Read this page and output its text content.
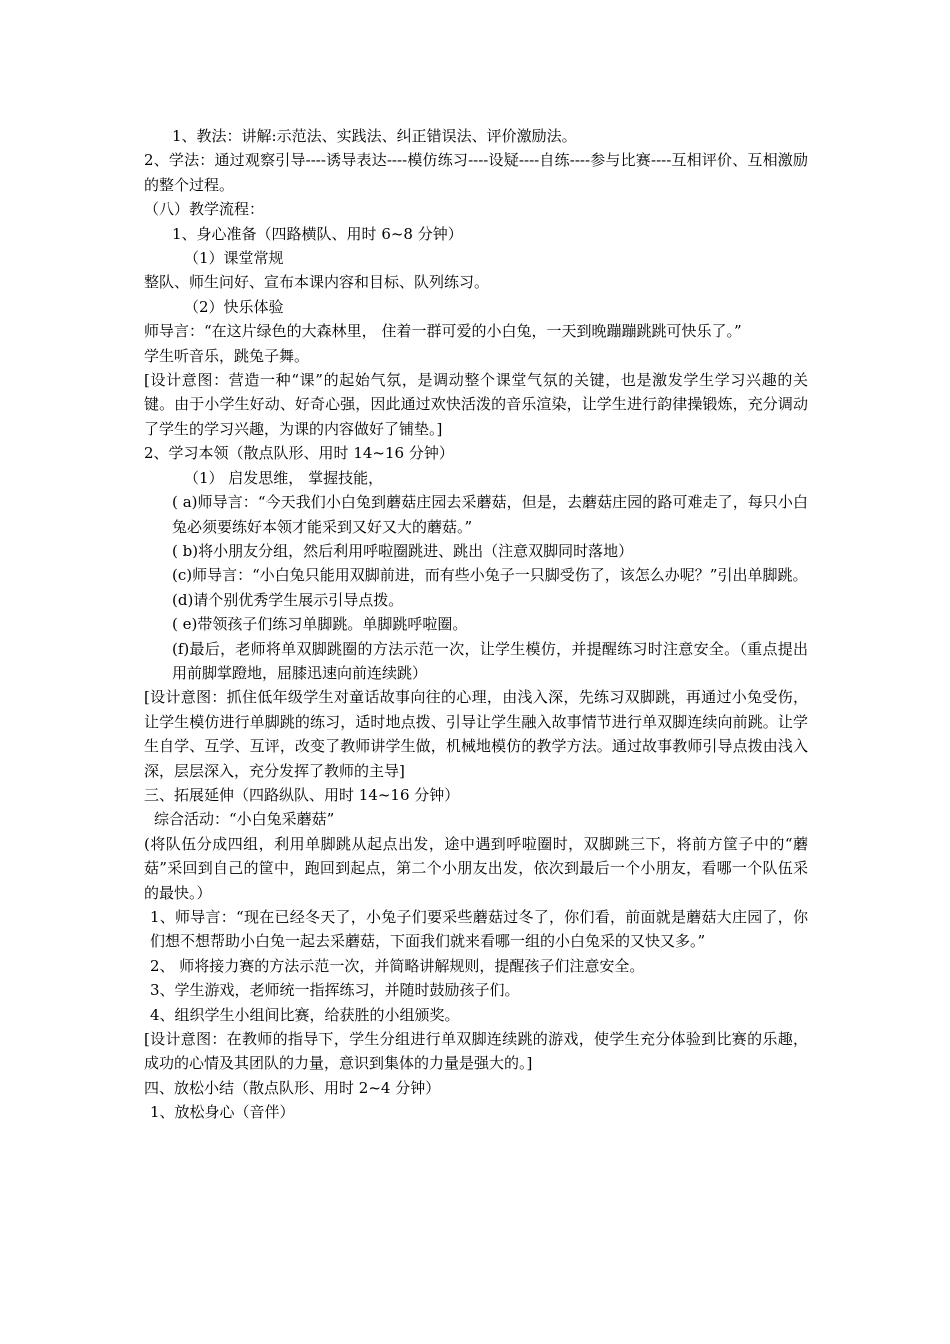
1、教法：讲解:示范法、实践法、纠正错误法、评价激励法。

2、学法：通过观察引导----诱导表达----模仿练习----设疑----自练----参与比赛----互相评价、互相激励的整个过程。

（八）教学流程：

1、身心准备（四路横队、用时 6~8 分钟）

（1）课堂常规

整队、师生问好、宣布本课内容和目标、队列练习。

（2）快乐体验

师导言：“在这片绿色的大森林里， 住着一群可爱的小白兔，一天到晚蹦蹦跳跳可快乐了。”

学生听音乐，跳兔子舞。

[设计意图：营造一种“课”的起始气氛，是调动整个课堂气氛的关键，也是激发学生学习兴趣的关键。由于小学生好动、好奇心强，因此通过欢快活泼的音乐渲染，让学生进行韵律操锻炼，充分调动了学生的学习兴趣，为课的内容做好了铺垫。]

2、学习本领（散点队形、用时 14~16 分钟）

（1） 启发思维， 掌握技能，

( a)师导言：“今天我们小白兔到蘑菇庄园去采蘑菇，但是，去蘑菇庄园的路可难走了，每只小白兔必须要练好本领才能采到又好又大的蘑菇。”

( b)将小朋友分组，然后利用呼啦圈跳进、跳出（注意双脚同时落地）

(c)师导言：“小白兔只能用双脚前进，而有些小兔子一只脚受伤了，该怎么办呢？”引出单脚跳。

(d)请个别优秀学生展示引导点拨。

( e)带领孩子们练习单脚跳。单脚跳呼啦圈。

(f)最后，老师将单双脚跳圈的方法示范一次，让学生模仿，并提醒练习时注意安全。（重点提出用前脚掌蹬地，屈膝迅速向前连续跳）

[设计意图：抓住低年级学生对童话故事向往的心理，由浅入深，先练习双脚跳，再通过小兔受伤，让学生模仿进行单脚跳的练习，适时地点拨、引导让学生融入故事情节进行单双脚连续向前跳。让学生自学、互学、互评，改变了教师讲学生做，机械地模仿的教学方法。通过故事教师引导点拨由浅入深，层层深入，充分发挥了教师的主导]

三、拓展延伸（四路纵队、用时 14~16 分钟）

综合活动：“小白兔采蘑菇”

(将队伍分成四组，利用单脚跳从起点出发，途中遇到呼啦圈时，双脚跳三下，将前方筐子中的“蘑菇”采回到自己的筐中，跑回到起点，第二个小朋友出发，依次到最后一个小朋友，看哪一个队伍采的最快。）

1、师导言：“现在已经冬天了，小兔子们要采些蘑菇过冬了，你们看，前面就是蘑菇大庄园了，你们想不想帮助小白兔一起去采蘑菇，下面我们就来看哪一组的小白兔采的又快又多。”

2、 师将接力赛的方法示范一次，并简略讲解规则，提醒孩子们注意安全。

3、学生游戏，老师统一指挥练习，并随时鼓励孩子们。

4、组织学生小组间比赛，给获胜的小组颁奖。

[设计意图：在教师的指导下，学生分组进行单双脚连续跳的游戏，使学生充分体验到比赛的乐趣，成功的心情及其团队的力量，意识到集体的力量是强大的。]

四、放松小结（散点队形、用时 2~4 分钟）

1、放松身心（音伴）
